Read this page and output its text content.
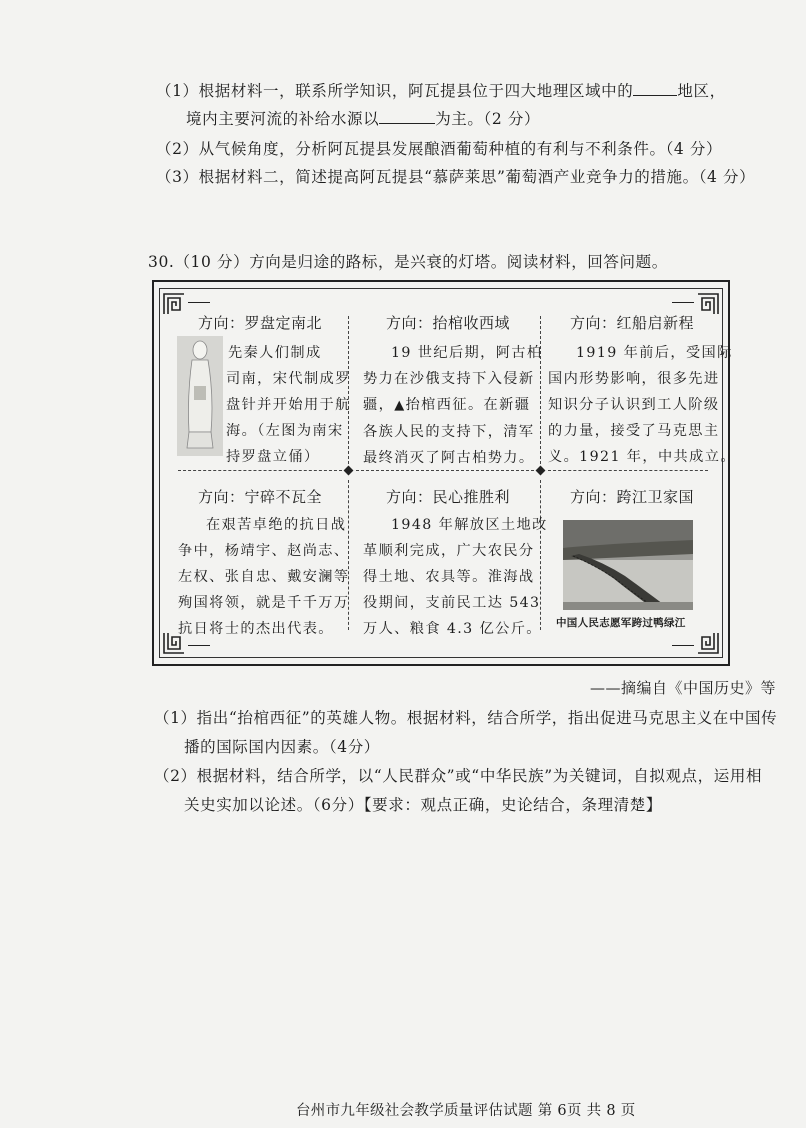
（1）根据材料一，联系所学知识，阿瓦提县位于四大地理区域中的	地区，
境内主要河流的补给水源以	为主。（2 分）
（2）从气候角度，分析阿瓦提县发展酿酒葡萄种植的有利与不利条件。（4 分）
（3）根据材料二，简述提高阿瓦提县“慕萨莱思”葡萄酒产业竞争力的措施。（4 分）
30.（10 分）方向是归途的路标，是兴衰的灯塔。阅读材料，回答问题。
方向：罗盘定南北
先秦人们制成
司南，宋代制成罗
盘针并开始用于航
海。（左图为南宋
持罗盘立俑）
方向：抬棺收西域
19 世纪后期，阿古柏
势力在沙俄支持下入侵新
疆，▲抬棺西征。在新疆
各族人民的支持下，清军
最终消灭了阿古柏势力。
方向：红船启新程
1919 年前后，受国际
国内形势影响，很多先进
知识分子认识到工人阶级
的力量，接受了马克思主
义。1921 年，中共成立。
方向：宁碎不瓦全
在艰苦卓绝的抗日战
争中，杨靖宇、赵尚志、
左权、张自忠、戴安澜等
殉国将领，就是千千万万
抗日将士的杰出代表。
方向：民心推胜利
1948 年解放区土地改
革顺利完成，广大农民分
得土地、农具等。淮海战
役期间，支前民工达 543
万人、粮食 4.3 亿公斤。
方向：跨江卫家国
中国人民志愿军跨过鸭绿江
——摘编自《中国历史》等
（1）指出“抬棺西征”的英雄人物。根据材料，结合所学，指出促进马克思主义在中国传
播的国际国内因素。（4分）
（2）根据材料，结合所学，以“人民群众”或“中华民族”为关键词，自拟观点，运用相
关史实加以论述。（6分）【要求：观点正确，史论结合，条理清楚】
台州市九年级社会教学质量评估试题 第 6页 共 8 页
